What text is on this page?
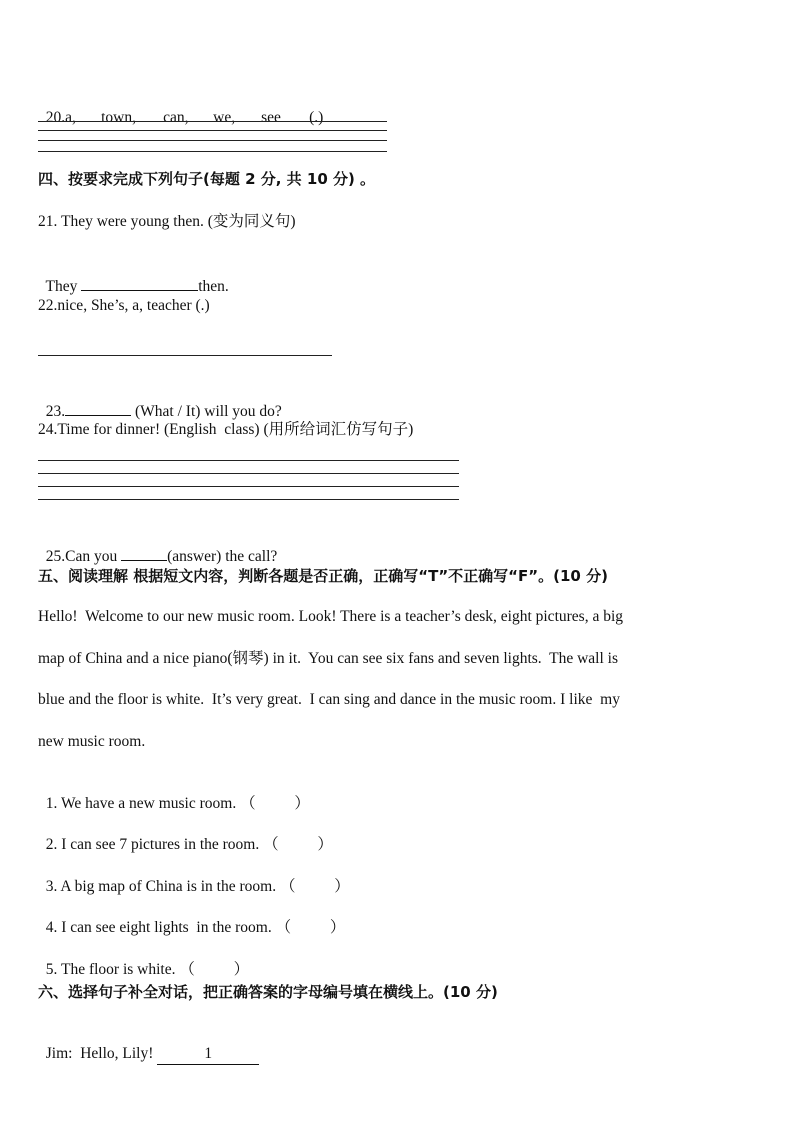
20.a, town, can, we, see (.)

四、按要求完成下列句子(每题 2 分, 共 10 分) 。
21. They were young then. (变为同义句)

They	then.

22.nice, She’s, a, teacher (.)

23.	(What / It) will you do?

24.Time for dinner! (English  class) (用所给词汇仿写句子)

25.Can you	(answer) the call?

五、阅读理解 根据短文内容，判断各题是否正确，正确写“T”不正确写“F”。(10 分)
Hello!  Welcome to our new music room. Look! There is a teacher’s desk, eight pictures, a big
map of China and a nice piano(钢琴) in it.  You can see six fans and seven lights.  The wall is
blue and the floor is white.  It’s very great.  I can sing and dance in the music room. I like  my
new music room.

1. We have a new music room. （          ）

2. I can see 7 pictures in the room. （          ）

3. A big map of China is in the room. （          ）

4. I can see eight lights  in the room. （          ）

5. The floor is white. （          ）

六、选择句子补全对话，把正确答案的字母编号填在横线上。(10 分)

Jim:  Hello, Lily!	1
